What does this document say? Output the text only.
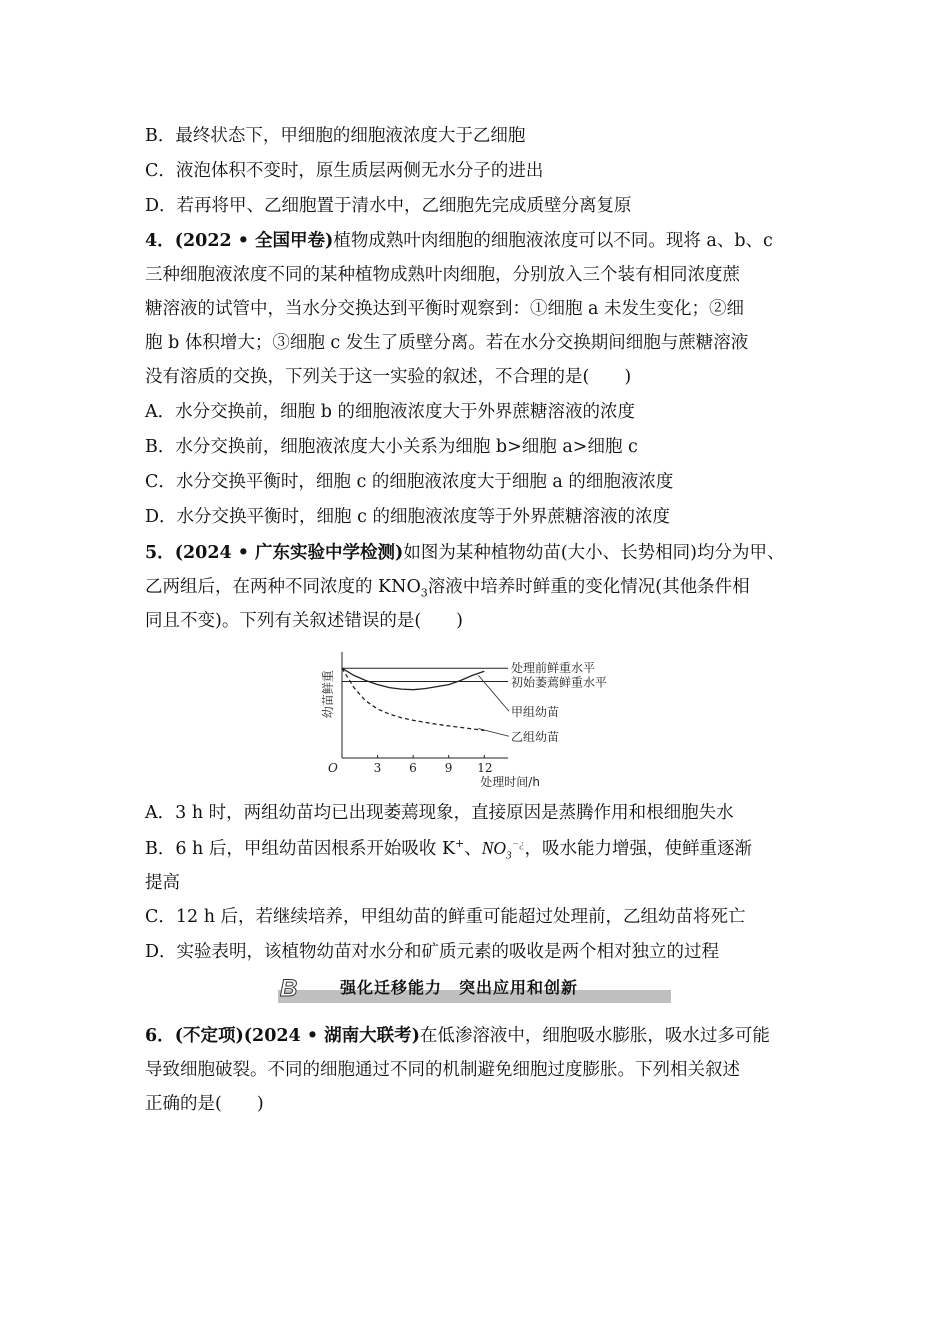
B．最终状态下，甲细胞的细胞液浓度大于乙细胞
C．液泡体积不变时，原生质层两侧无水分子的进出
D．若再将甲、乙细胞置于清水中，乙细胞先完成质壁分离复原
4．(2022 • 全国甲卷)植物成熟叶肉细胞的细胞液浓度可以不同。现将 a、b、c
三种细胞液浓度不同的某种植物成熟叶肉细胞，分别放入三个装有相同浓度蔗
糖溶液的试管中，当水分交换达到平衡时观察到：①细胞 a 未发生变化；②细
胞 b 体积增大；③细胞 c 发生了质壁分离。若在水分交换期间细胞与蔗糖溶液
没有溶质的交换，下列关于这一实验的叙述，不合理的是(　　)
A．水分交换前，细胞 b 的细胞液浓度大于外界蔗糖溶液的浓度
B．水分交换前，细胞液浓度大小关系为细胞 b>细胞 a>细胞 c
C．水分交换平衡时，细胞 c 的细胞液浓度大于细胞 a 的细胞液浓度
D．水分交换平衡时，细胞 c 的细胞液浓度等于外界蔗糖溶液的浓度
5．(2024 • 广东实验中学检测)如图为某种植物幼苗(大小、长势相同)均分为甲、
乙两组后，在两种不同浓度的 $KNO_3$溶液中培养时鲜重的变化情况(其他条件相
同且不变)。下列有关叙述错误的是(　　)
O	3 6 9 12
幼苗鲜重
处理时间/h
处理前鲜重水平
初始萎蔫鲜重水平
甲组幼苗
乙组幼苗
A．3 h 时，两组幼苗均已出现萎蔫现象，直接原因是蒸腾作用和根细胞失水
B．6 h 后，甲组幼苗因根系开始吸收 K+、$NO_3^{-¿}$，吸水能力增强，使鲜重逐渐
提高
C．12 h 后，若继续培养，甲组幼苗的鲜重可能超过处理前，乙组幼苗将死亡
D．实验表明，该植物幼苗对水分和矿质元素的吸收是两个相对独立的过程
B	强化迁移能力　突出应用和创新
6．(不定项)(2024 • 湖南大联考)在低渗溶液中，细胞吸水膨胀，吸水过多可能
导致细胞破裂。不同的细胞通过不同的机制避免细胞过度膨胀。下列相关叙述
正确的是(　　)
